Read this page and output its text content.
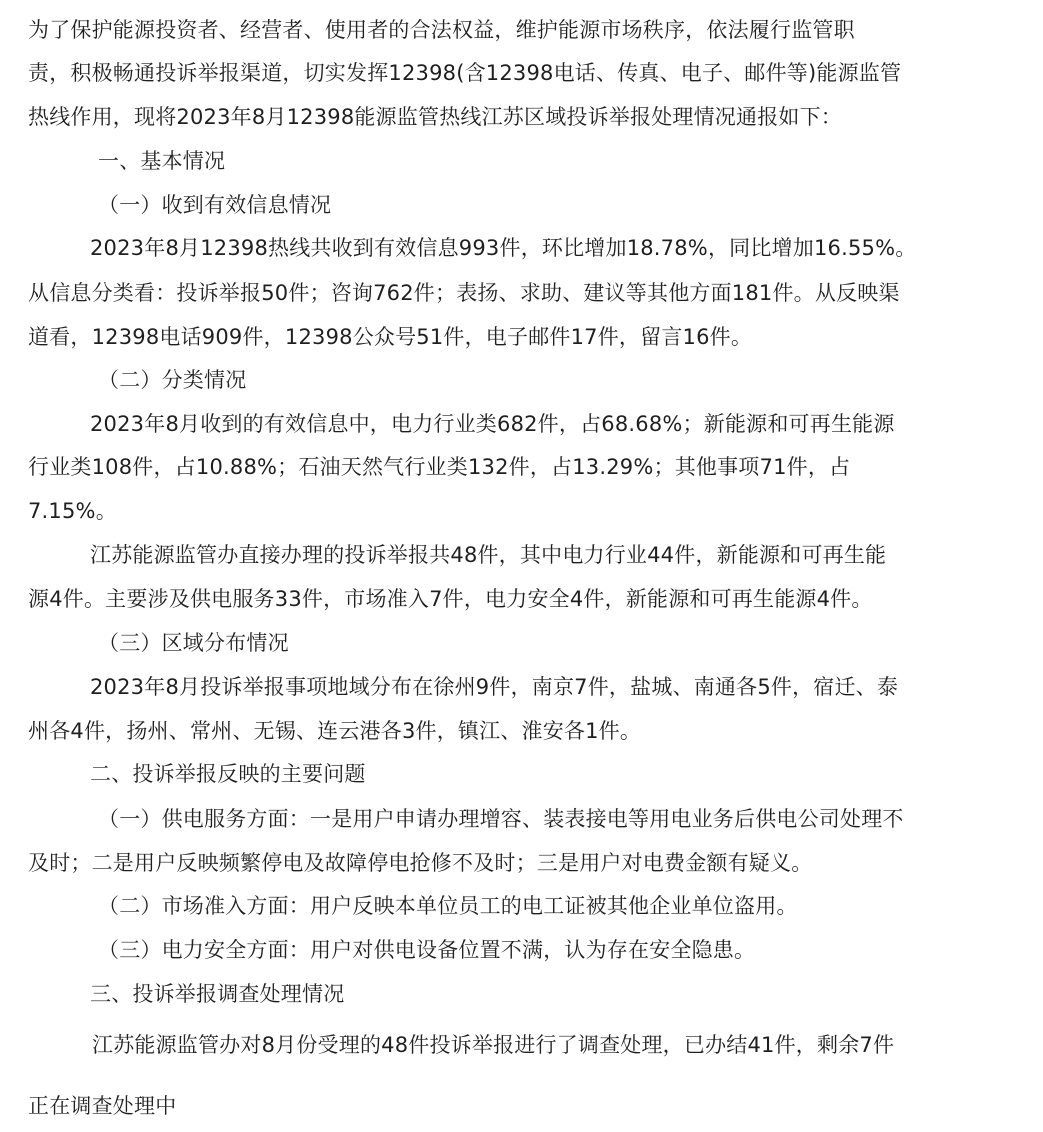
为了保护能源投资者、经营者、使用者的合法权益，维护能源市场秩序，依法履行监管职
责，积极畅通投诉举报渠道，切实发挥12398(含12398电话、传真、电子、邮件等)能源监管
热线作用，现将2023年8月12398能源监管热线江苏区域投诉举报处理情况通报如下：
一、基本情况
（一）收到有效信息情况
2023年8月12398热线共收到有效信息993件，环比增加18.78%，同比增加16.55%。
从信息分类看：投诉举报50件；咨询762件；表扬、求助、建议等其他方面181件。从反映渠
道看，12398电话909件，12398公众号51件，电子邮件17件，留言16件。
（二）分类情况
2023年8月收到的有效信息中，电力行业类682件，占68.68%；新能源和可再生能源
行业类108件，占10.88%；石油天然气行业类132件，占13.29%；其他事项71件，占
7.15%。
江苏能源监管办直接办理的投诉举报共48件，其中电力行业44件，新能源和可再生能
源4件。主要涉及供电服务33件，市场准入7件，电力安全4件，新能源和可再生能源4件。
（三）区域分布情况
2023年8月投诉举报事项地域分布在徐州9件，南京7件，盐城、南通各5件，宿迁、泰
州各4件，扬州、常州、无锡、连云港各3件，镇江、淮安各1件。
二、投诉举报反映的主要问题
（一）供电服务方面：一是用户申请办理增容、装表接电等用电业务后供电公司处理不
及时；二是用户反映频繁停电及故障停电抢修不及时；三是用户对电费金额有疑义。
（二）市场准入方面：用户反映本单位员工的电工证被其他企业单位盗用。
（三）电力安全方面：用户对供电设备位置不满，认为存在安全隐患。
三、投诉举报调查处理情况
江苏能源监管办对8月份受理的48件投诉举报进行了调查处理，已办结41件，剩余7件
正在调查处理中
